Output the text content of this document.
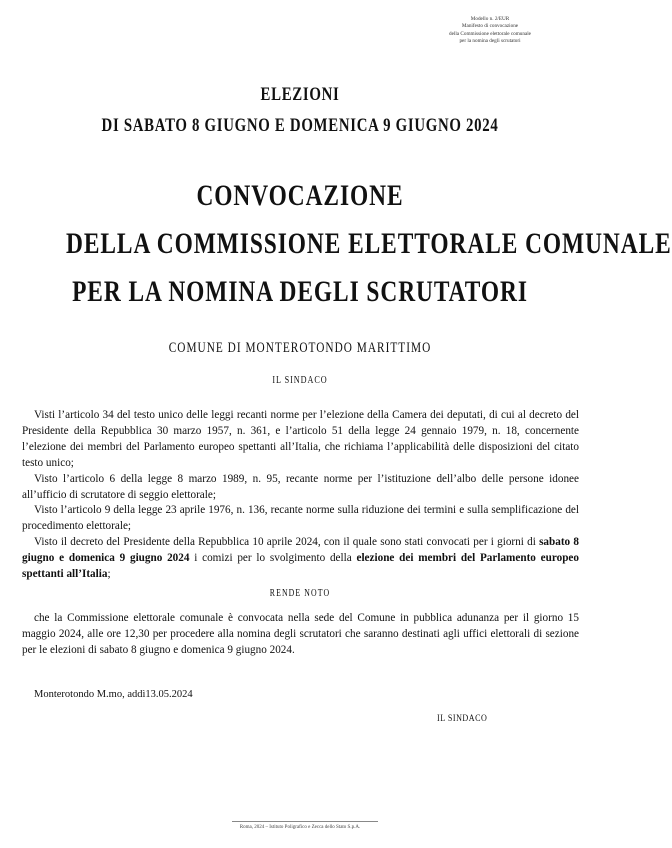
Modello n. 2/EUR
Manifesto di convocazione
della Commissione elettorale comunale
per la nomina degli scrutatori
ELEZIONI
DI SABATO 8 GIUGNO E DOMENICA 9 GIUGNO 2024
CONVOCAZIONE
DELLA COMMISSIONE ELETTORALE COMUNALE
PER LA NOMINA DEGLI SCRUTATORI
COMUNE DI MONTEROTONDO MARITTIMO
IL SINDACO

Visti l’articolo 34 del testo unico delle leggi recanti norme per l’elezione della Camera dei deputati, di cui al decreto del Presidente della Repubblica 30 marzo 1957, n. 361, e l’articolo 51 della legge 24 gennaio 1979, n. 18, concernente l’elezione dei membri del Parlamento europeo spettanti all’Italia, che richiama l’applicabilità delle disposizioni del citato testo unico;

Visto l’articolo 6 della legge 8 marzo 1989, n. 95, recante norme per l’istituzione dell’albo delle persone idonee all’ufficio di scrutatore di seggio elettorale;

Visto l’articolo 9 della legge 23 aprile 1976, n. 136, recante norme sulla riduzione dei termini e sulla semplificazione del procedimento elettorale;

Visto il decreto del Presidente della Repubblica 10 aprile 2024, con il quale sono stati convocati per i giorni di sabato 8 giugno e domenica 9 giugno 2024 i comizi per lo svolgimento della elezione dei membri del Parlamento europeo spettanti all’Italia;

RENDE NOTO

che la Commissione elettorale comunale è convocata nella sede del Comune in pubblica adunanza per il giorno 15 maggio 2024, alle ore 12,30 per procedere alla nomina degli scrutatori che saranno destinati agli uffici elettorali di sezione per le elezioni di sabato 8 giugno e domenica 9 giugno 2024.

Monterotondo M.mo, addì13.05.2024
IL SINDACO
Roma, 2024 – Istituto Poligrafico e Zecca dello Stato S.p.A.
